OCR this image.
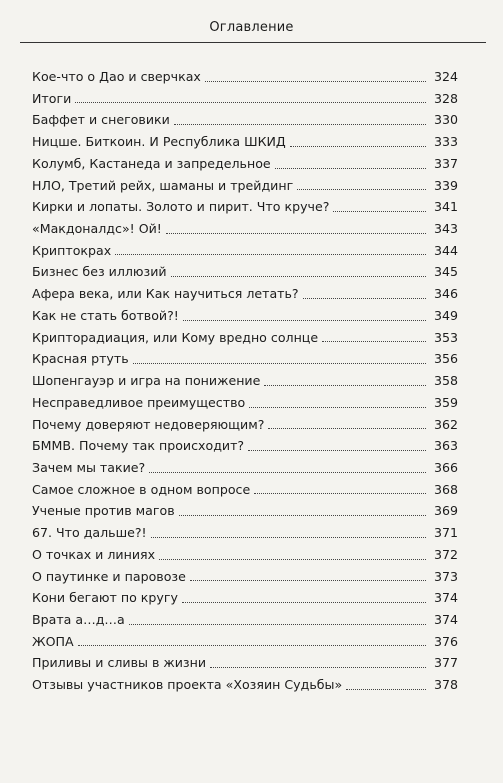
Оглавление
Кое-что о Дао и сверчках	324
Итоги	328
Баффет и снеговики	330
Ницше. Биткоин. И Республика ШКИД	333
Колумб, Кастанеда и запредельное	337
НЛО, Третий рейх, шаманы и трейдинг	339
Кирки и лопаты. Золото и пирит. Что круче?	341
«Макдоналдс»! Ой!	343
Криптокрах	344
Бизнес без иллюзий	345
Афера века, или Как научиться летать?	346
Как не стать ботвой?!	349
Крипторадиация, или Кому вредно солнце	353
Красная ртуть	356
Шопенгауэр и игра на понижение	358
Несправедливое преимущество	359
Почему доверяют недоверяющим?	362
БММВ. Почему так происходит?	363
Зачем мы такие?	366
Самое сложное в одном вопросе	368
Ученые против магов	369
67. Что дальше?!	371
О точках и линиях	372
О паутинке и паровозе	373
Кони бегают по кругу	374
Врата а…д…а	374
ЖОПА	376
Приливы и сливы в жизни	377
Отзывы участников проекта «Хозяин Судьбы»	378
